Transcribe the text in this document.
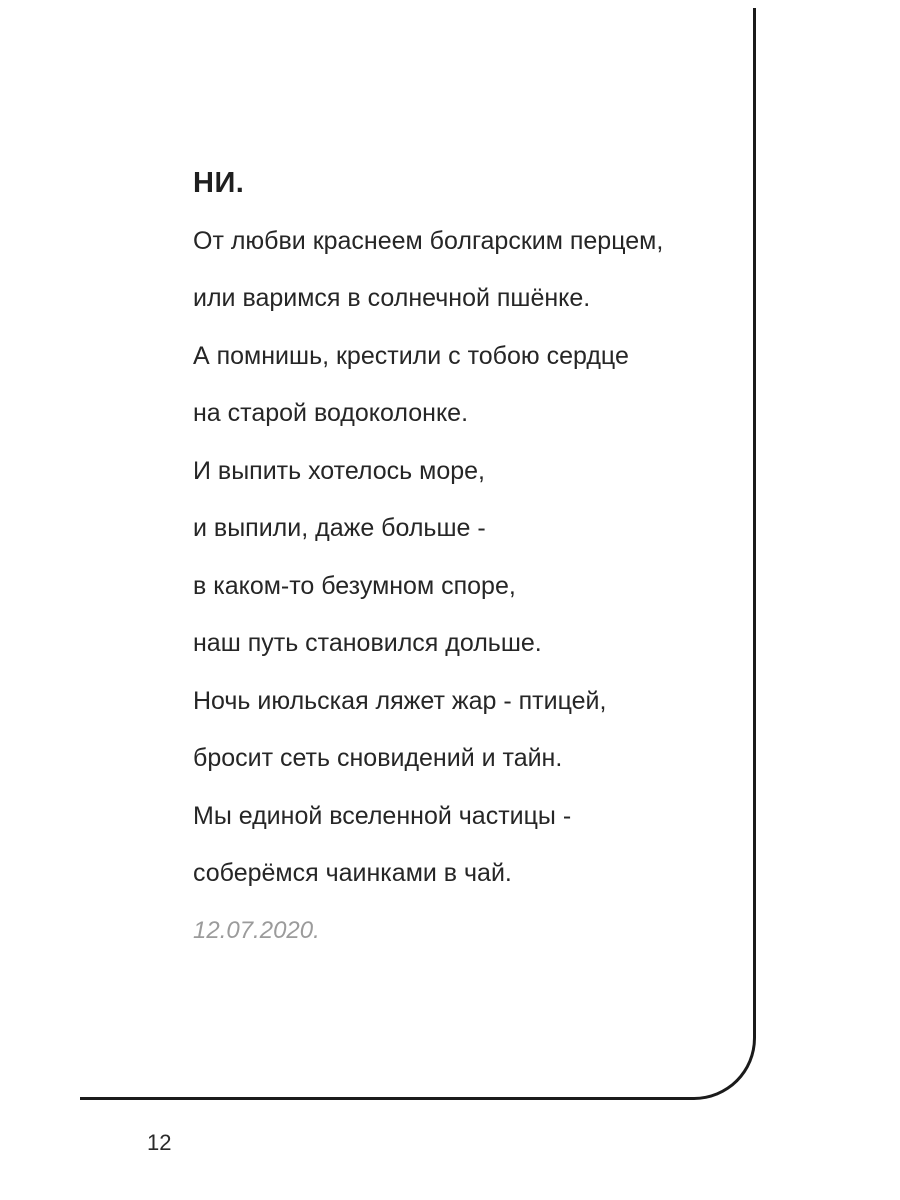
НИ.
От любви краснеем болгарским перцем,
или варимся в солнечной пшёнке.
А помнишь, крестили с тобою сердце
на старой водоколонке.
И выпить хотелось море,
и выпили, даже больше -
в каком-то безумном споре,
наш путь становился дольше.
Ночь июльская ляжет жар - птицей,
бросит сеть сновидений и тайн.
Мы единой вселенной частицы -
соберёмся чаинками в чай.
12.07.2020.
12
